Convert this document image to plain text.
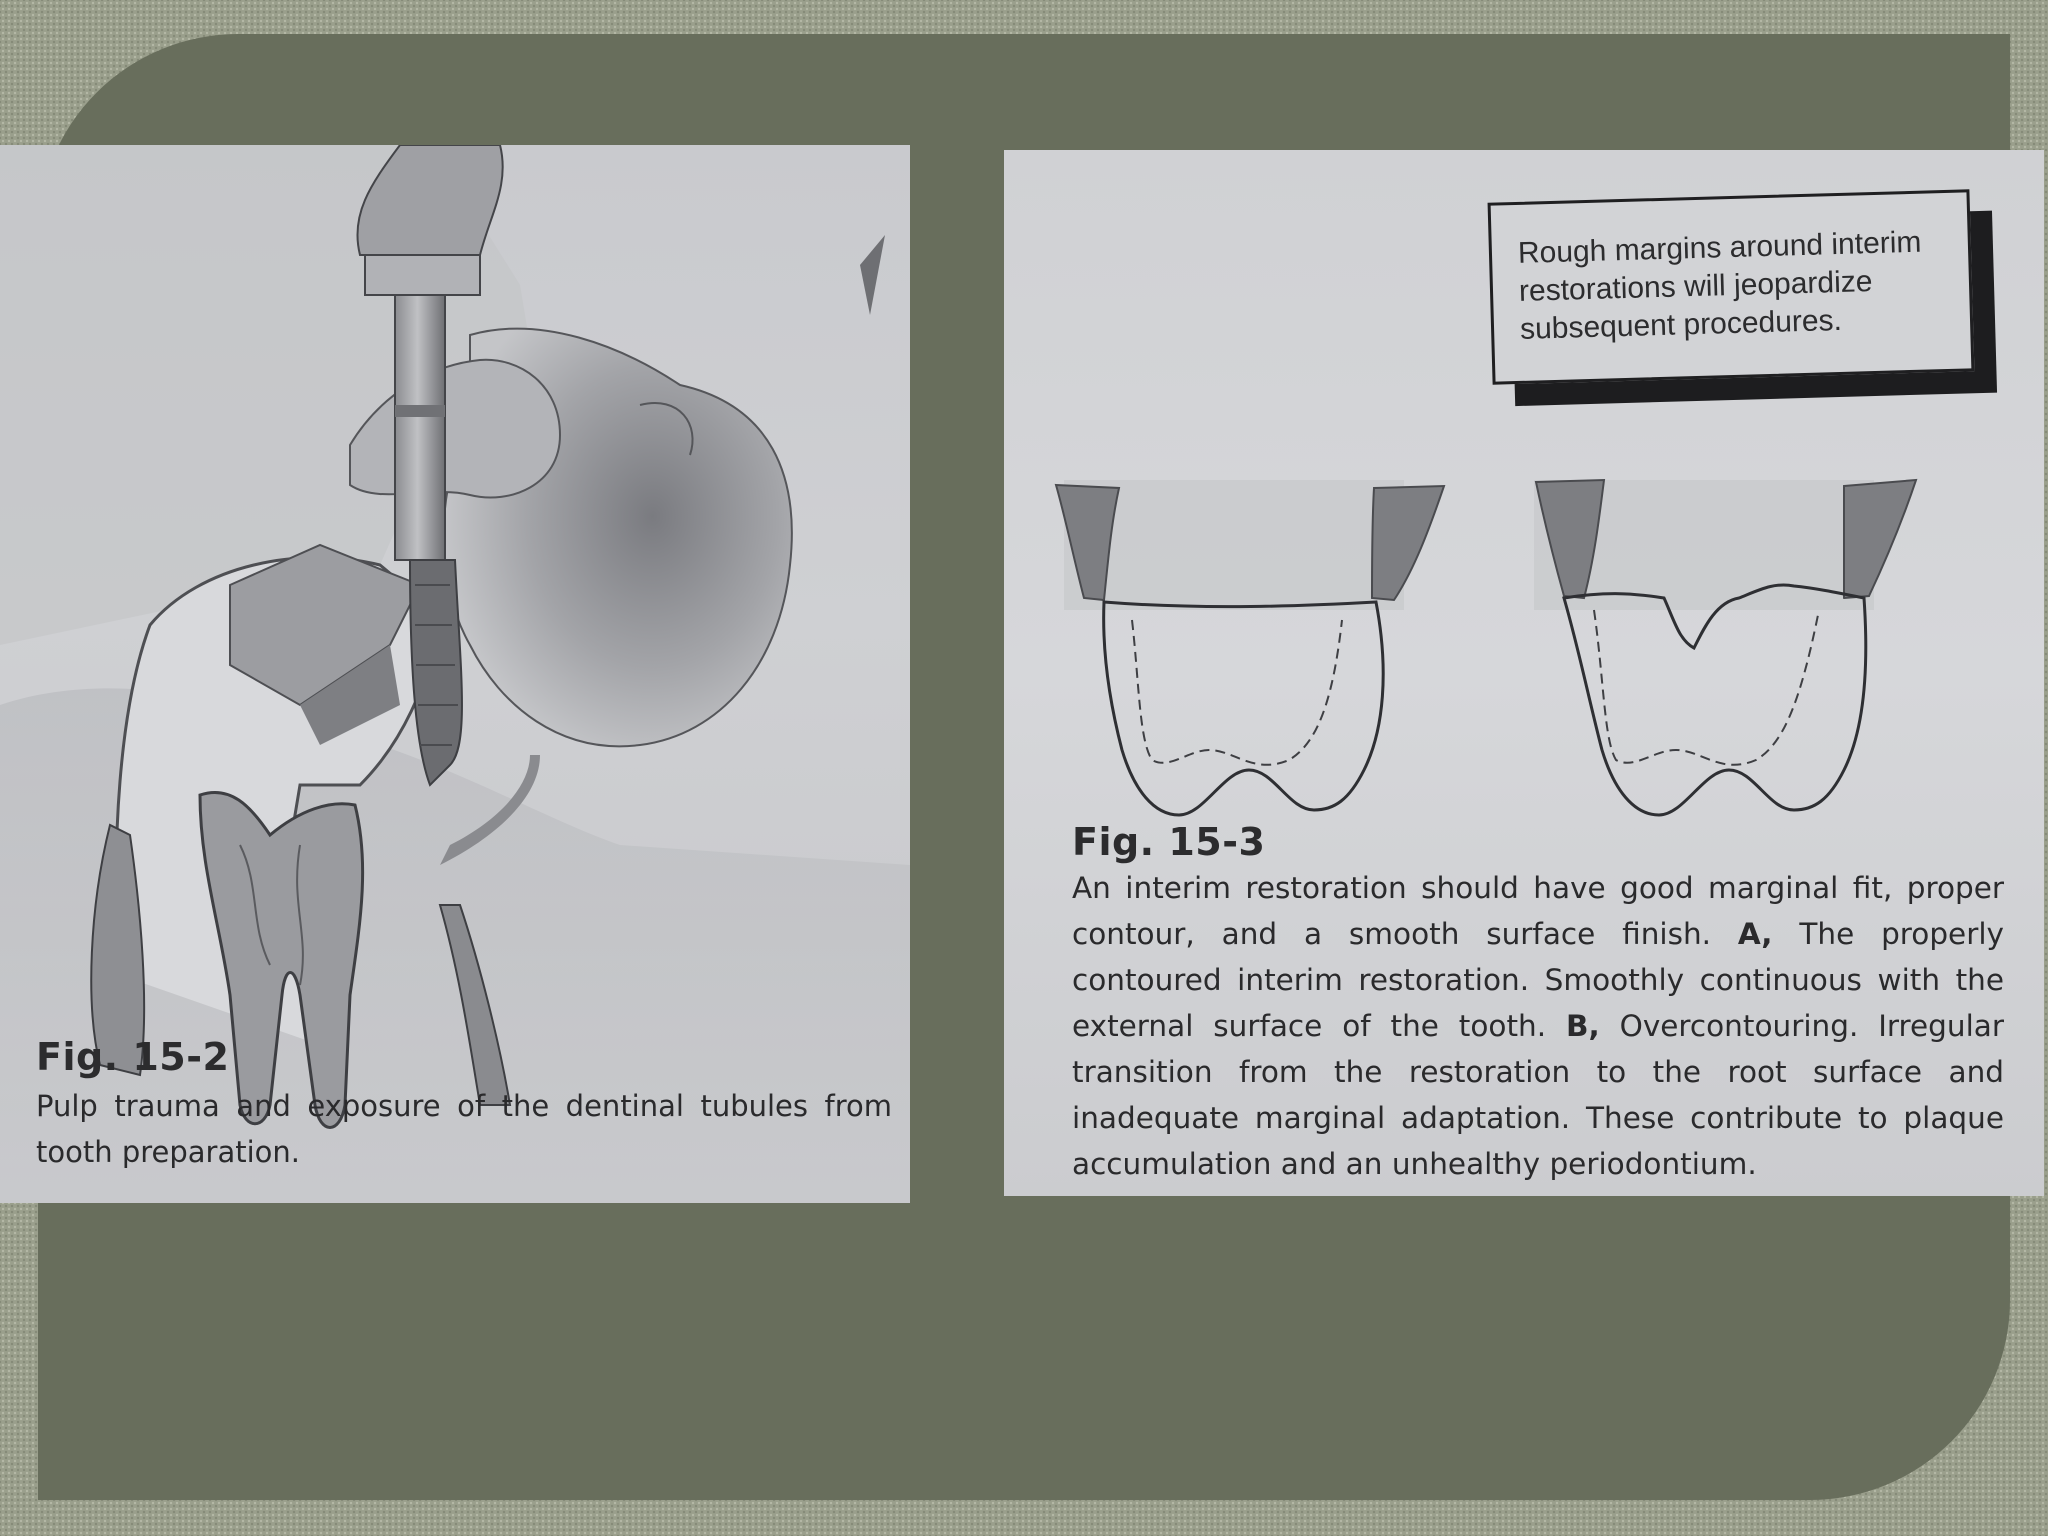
Fig. 15-2
Pulp trauma and exposure of the dentinal tubules from tooth preparation.
Rough margins around interim restorations will jeopardize subsequent procedures.
Fig. 15-3
An interim restoration should have good marginal fit, proper contour, and a smooth surface finish. A, The properly contoured interim restoration. Smoothly continuous with the external surface of the tooth. B, Overcontouring. Irregular transition from the restoration to the root surface and inadequate marginal adaptation. These contribute to plaque accumulation and an unhealthy periodontium.
